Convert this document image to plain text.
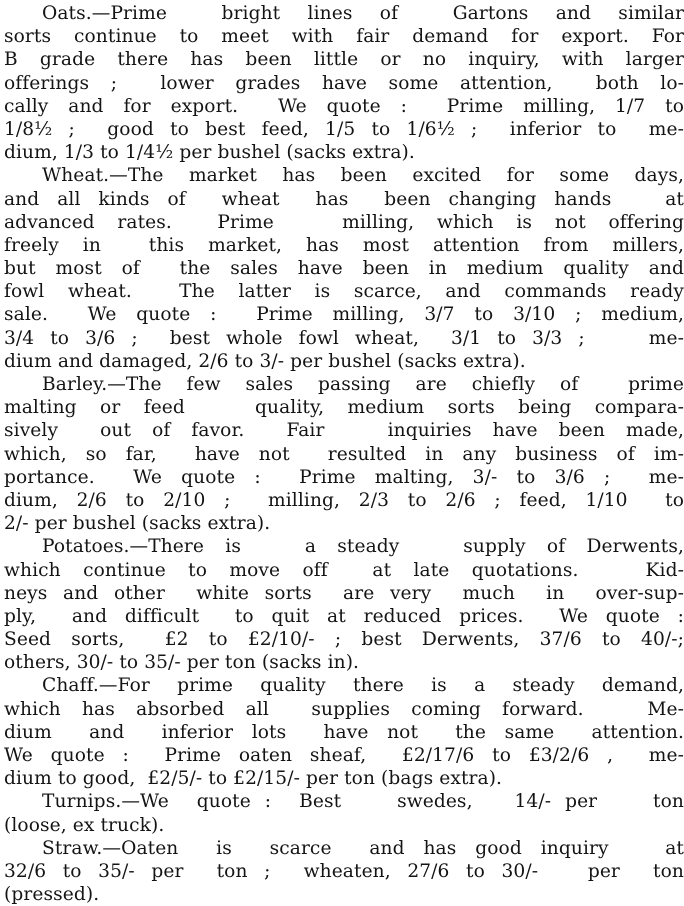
Oats.—Prime  bright lines of  Gartons and similar
sorts continue to meet with fair demand for export. For
B grade there has been little or no inquiry, with larger
offerings ;  lower grades have some attention,  both lo-
cally and for export.  We quote :  Prime milling, 1/7 to
1/8½ ;  good to best feed, 1/5 to 1/6½ ;  inferior to  me-
dium, 1/3 to 1/4½ per bushel (sacks extra).

Wheat.—The market has been excited for some days,
and all kinds of  wheat  has  been changing hands   at
advanced rates.  Prime   milling, which is not offering
freely in  this market, has most attention from millers,
but most of  the sales have been in medium quality and
fowl wheat.  The latter is scarce, and commands ready
sale.  We quote :  Prime milling, 3/7 to 3/10 ; medium,
3/4 to 3/6 ;  best whole fowl wheat,  3/1 to 3/3 ;    me-
dium and damaged, 2/6 to 3/- per bushel (sacks extra).

Barley.—The few sales passing are chiefly of  prime
malting or feed   quality, medium sorts being compara-
sively  out of favor.  Fair   inquiries have been made,
which, so far,  have not  resulted in any business of im-
portance.  We quote :  Prime malting, 3/- to 3/6 ;  me-
dium, 2/6 to 2/10 ;  milling, 2/3 to 2/6 ; feed, 1/10  to
2/- per bushel (sacks extra).

Potatoes.—There is   a steady   supply of Derwents,
which continue to move off  at late quotations.   Kid-
neys and other  white sorts  are very  much  in  over-sup-
ply,  and difficult  to quit at reduced prices.  We quote :
Seed sorts,  £2 to £2/10/- ; best Derwents, 37/6 to 40/-;
others, 30/- to 35/- per ton (sacks in).

Chaff.—For prime quality there is a steady demand,
which has absorbed all  supplies coming forward.   Me-
dium  and  inferior lots  have not  the same  attention.
We quote :  Prime oaten sheaf,  £2/17/6 to £3/2/6 ,  me-
dium to good,  £2/5/- to £2/15/- per ton (bags extra).

Turnips.—We  quote :  Best    swedes,   14/- per    ton
(loose, ex truck).

Straw.—Oaten  is  scarce  and has good inquiry   at
32/6 to 35/- per  ton ;  wheaten, 27/6 to 30/-   per  ton
(pressed).
